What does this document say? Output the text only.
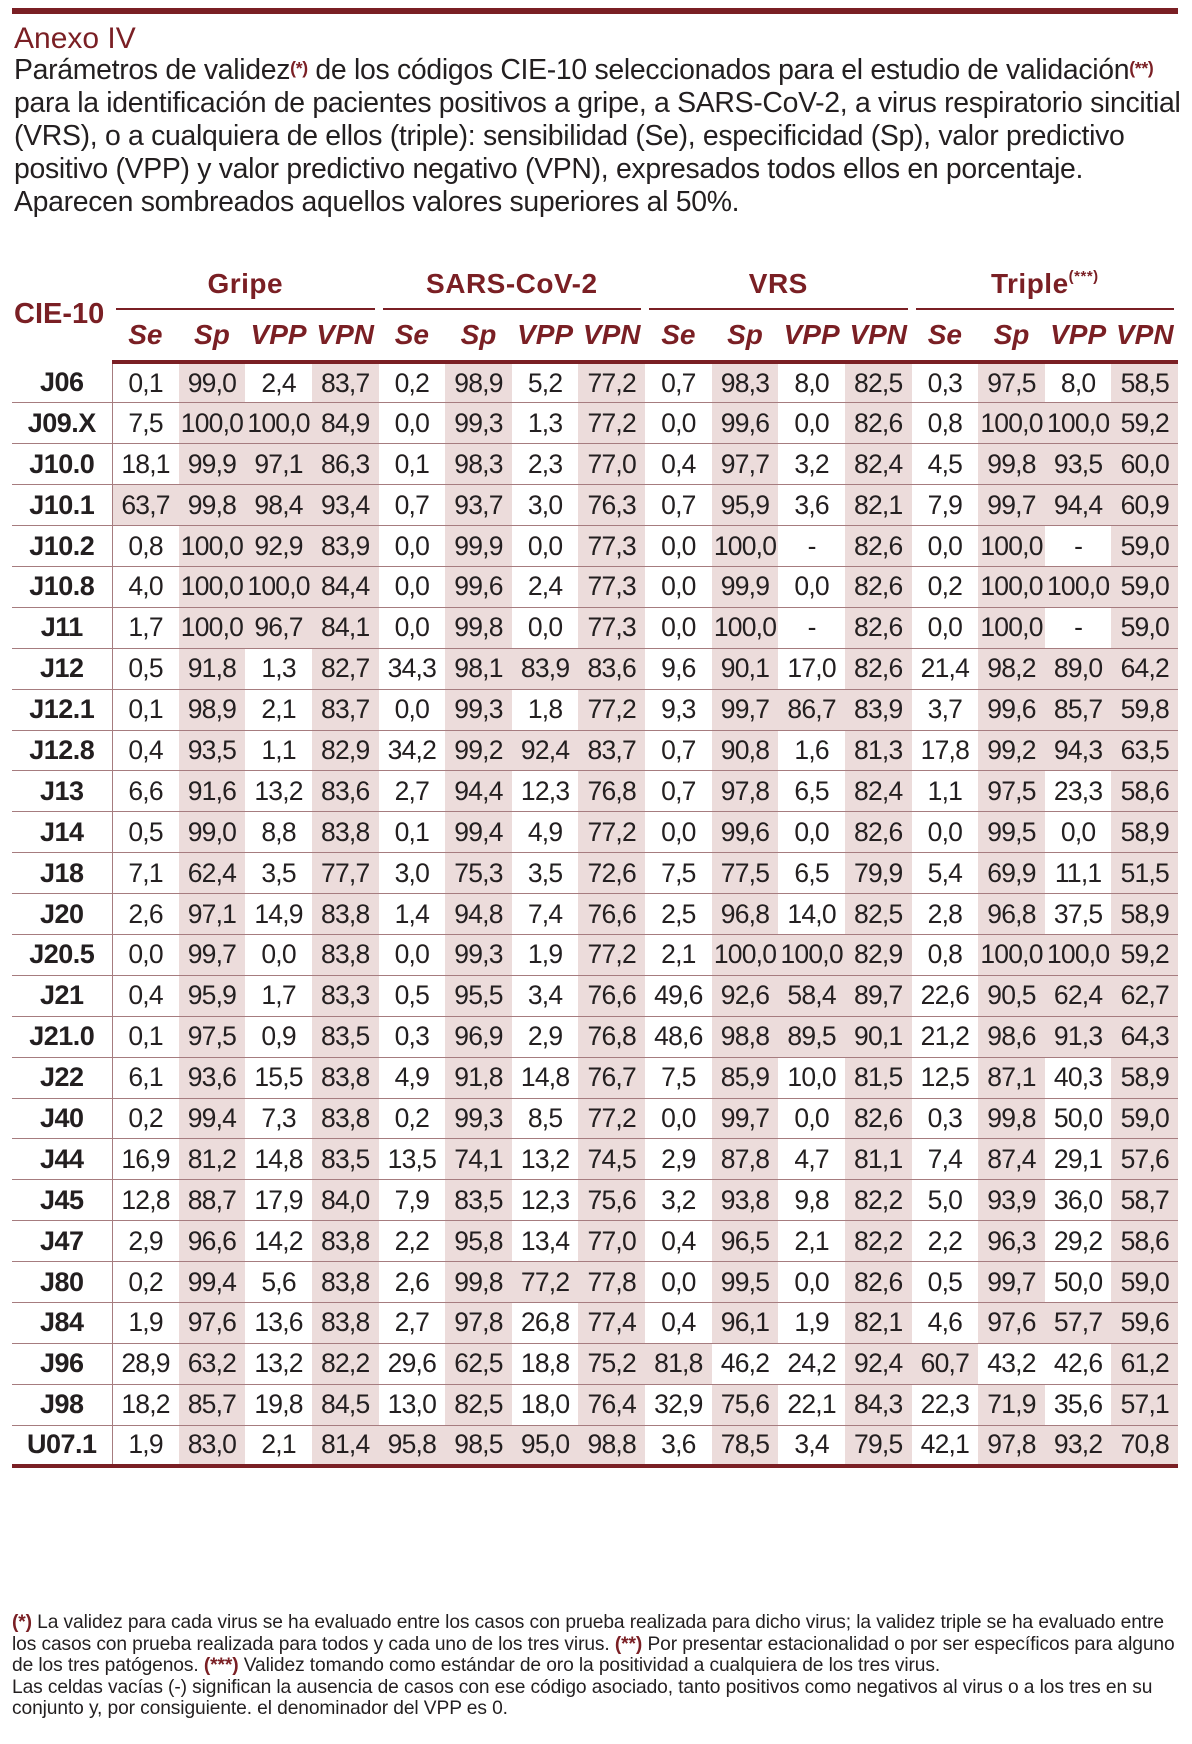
Anexo IV
Parámetros de validez(*) de los códigos CIE-10 seleccionados para el estudio de validación(**) para la identificación de pacientes positivos a gripe, a SARS-CoV-2, a virus respiratorio sincitial (VRS), o a cualquiera de ellos (triple): sensibilidad (Se), especificidad (Sp), valor predictivo positivo (VPP) y valor predictivo negativo (VPN), expresados todos ellos en porcentaje. Aparecen sombreados aquellos valores superiores al 50%.
CIE-10	Gripe				SARS-CoV-2				VRS				Triple(***)

	Se	Sp	VPP	VPN	Se	Sp	VPP	VPN	Se	Sp	VPP	VPN	Se	Sp	VPP	VPN
J06	0,1	99,0	2,4	83,7	0,2	98,9	5,2	77,2	0,7	98,3	8,0	82,5	0,3	97,5	8,0	58,5
J09.X	7,5	100,0	100,0	84,9	0,0	99,3	1,3	77,2	0,0	99,6	0,0	82,6	0,8	100,0	100,0	59,2
J10.0	18,1	99,9	97,1	86,3	0,1	98,3	2,3	77,0	0,4	97,7	3,2	82,4	4,5	99,8	93,5	60,0
J10.1	63,7	99,8	98,4	93,4	0,7	93,7	3,0	76,3	0,7	95,9	3,6	82,1	7,9	99,7	94,4	60,9
J10.2	0,8	100,0	92,9	83,9	0,0	99,9	0,0	77,3	0,0	100,0	-	82,6	0,0	100,0	-	59,0
J10.8	4,0	100,0	100,0	84,4	0,0	99,6	2,4	77,3	0,0	99,9	0,0	82,6	0,2	100,0	100,0	59,0
J11	1,7	100,0	96,7	84,1	0,0	99,8	0,0	77,3	0,0	100,0	-	82,6	0,0	100,0	-	59,0
J12	0,5	91,8	1,3	82,7	34,3	98,1	83,9	83,6	9,6	90,1	17,0	82,6	21,4	98,2	89,0	64,2
J12.1	0,1	98,9	2,1	83,7	0,0	99,3	1,8	77,2	9,3	99,7	86,7	83,9	3,7	99,6	85,7	59,8
J12.8	0,4	93,5	1,1	82,9	34,2	99,2	92,4	83,7	0,7	90,8	1,6	81,3	17,8	99,2	94,3	63,5
J13	6,6	91,6	13,2	83,6	2,7	94,4	12,3	76,8	0,7	97,8	6,5	82,4	1,1	97,5	23,3	58,6
J14	0,5	99,0	8,8	83,8	0,1	99,4	4,9	77,2	0,0	99,6	0,0	82,6	0,0	99,5	0,0	58,9
J18	7,1	62,4	3,5	77,7	3,0	75,3	3,5	72,6	7,5	77,5	6,5	79,9	5,4	69,9	11,1	51,5
J20	2,6	97,1	14,9	83,8	1,4	94,8	7,4	76,6	2,5	96,8	14,0	82,5	2,8	96,8	37,5	58,9
J20.5	0,0	99,7	0,0	83,8	0,0	99,3	1,9	77,2	2,1	100,0	100,0	82,9	0,8	100,0	100,0	59,2
J21	0,4	95,9	1,7	83,3	0,5	95,5	3,4	76,6	49,6	92,6	58,4	89,7	22,6	90,5	62,4	62,7
J21.0	0,1	97,5	0,9	83,5	0,3	96,9	2,9	76,8	48,6	98,8	89,5	90,1	21,2	98,6	91,3	64,3
J22	6,1	93,6	15,5	83,8	4,9	91,8	14,8	76,7	7,5	85,9	10,0	81,5	12,5	87,1	40,3	58,9
J40	0,2	99,4	7,3	83,8	0,2	99,3	8,5	77,2	0,0	99,7	0,0	82,6	0,3	99,8	50,0	59,0
J44	16,9	81,2	14,8	83,5	13,5	74,1	13,2	74,5	2,9	87,8	4,7	81,1	7,4	87,4	29,1	57,6
J45	12,8	88,7	17,9	84,0	7,9	83,5	12,3	75,6	3,2	93,8	9,8	82,2	5,0	93,9	36,0	58,7
J47	2,9	96,6	14,2	83,8	2,2	95,8	13,4	77,0	0,4	96,5	2,1	82,2	2,2	96,3	29,2	58,6
J80	0,2	99,4	5,6	83,8	2,6	99,8	77,2	77,8	0,0	99,5	0,0	82,6	0,5	99,7	50,0	59,0
J84	1,9	97,6	13,6	83,8	2,7	97,8	26,8	77,4	0,4	96,1	1,9	82,1	4,6	97,6	57,7	59,6
J96	28,9	63,2	13,2	82,2	29,6	62,5	18,8	75,2	81,8	46,2	24,2	92,4	60,7	43,2	42,6	61,2
J98	18,2	85,7	19,8	84,5	13,0	82,5	18,0	76,4	32,9	75,6	22,1	84,3	22,3	71,9	35,6	57,1
U07.1	1,9	83,0	2,1	81,4	95,8	98,5	95,0	98,8	3,6	78,5	3,4	79,5	42,1	97,8	93,2	70,8
(*) La validez para cada virus se ha evaluado entre los casos con prueba realizada para dicho virus; la validez triple se ha evaluado entre los casos con prueba realizada para todos y cada uno de los tres virus. (**) Por presentar estacionalidad o por ser específicos para alguno de los tres patógenos. (***) Validez tomando como estándar de oro la positividad a cualquiera de los tres virus.
Las celdas vacías (-) significan la ausencia de casos con ese código asociado, tanto positivos como negativos al virus o a los tres en su conjunto y, por consiguiente. el denominador del VPP es 0.
